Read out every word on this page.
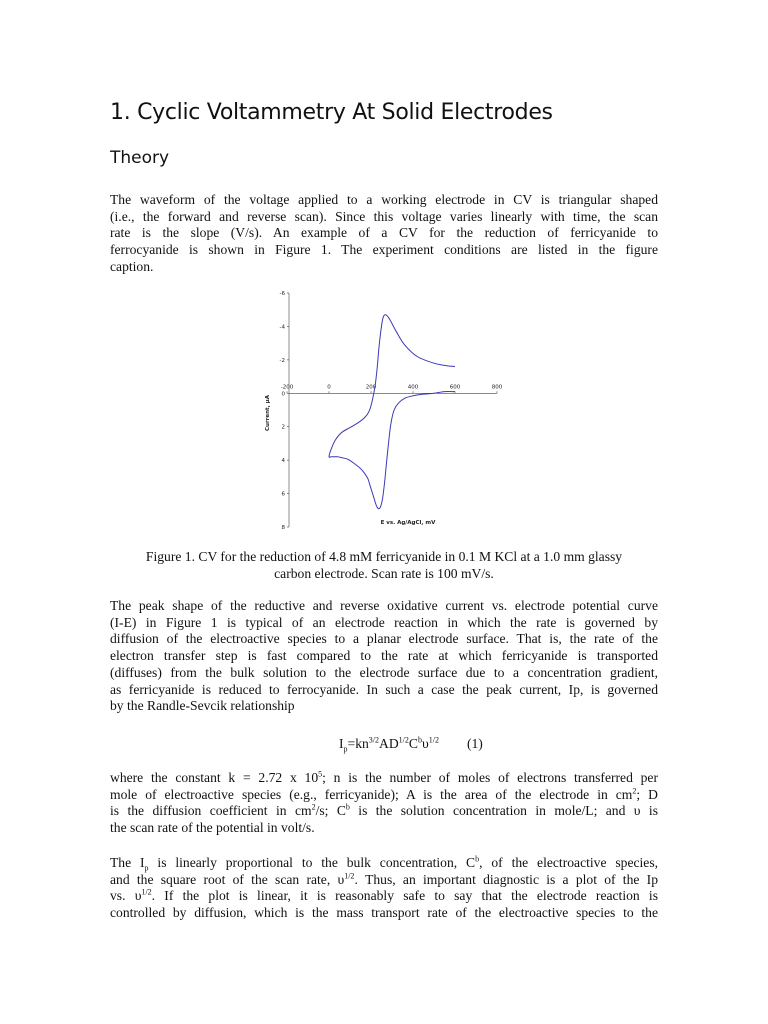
1. Cyclic Voltammetry At Solid Electrodes
Theory
The waveform of the voltage applied to a working electrode in CV is triangular shaped
(i.e., the forward and reverse scan). Since this voltage varies linearly with time, the scan
rate is the slope (V/s). An example of a CV for the reduction of ferricyanide to
ferrocyanide is shown in Figure 1. The experiment conditions are listed in the figure
caption.
-6
-4
-2
0
2
4
6
8
-200	0	200	400	600	800
Current, µA
E vs. Ag/AgCl, mV
Figure 1. CV for the reduction of 4.8 mM ferricyanide in 0.1 M KCl at a 1.0 mm glassy
carbon electrode. Scan rate is 100 mV/s.
The peak shape of the reductive and reverse oxidative current vs. electrode potential curve
(I-E) in Figure 1 is typical of an electrode reaction in which the rate is governed by
diffusion of the electroactive species to a planar electrode surface. That is, the rate of the
electron transfer step is fast compared to the rate at which ferricyanide is transported
(diffuses) from the bulk solution to the electrode surface due to a concentration gradient,
as ferricyanide is reduced to ferrocyanide. In such a case the peak current, Ip, is governed
by the Randle-Sevcik relationship
$I_p=kn^{3/2}AD^{1/2}C^b\upsilon^{1/2}$ (1)
where the constant k = 2.72 x $10^5$; n is the number of moles of electrons transferred per
mole of electroactive species (e.g., ferricyanide); A is the area of the electrode in $cm^2$; D
is the diffusion coefficient in $cm^2/s$; $C^b$ is the solution concentration in mole/L; and υ is
the scan rate of the potential in volt/s.
The $I_p$ is linearly proportional to the bulk concentration, $C^b$, of the electroactive species,
and the square root of the scan rate, $\upsilon^{1/2}$. Thus, an important diagnostic is a plot of the Ip
vs. $\upsilon^{1/2}$. If the plot is linear, it is reasonably safe to say that the electrode reaction is
controlled by diffusion, which is the mass transport rate of the electroactive species to the
